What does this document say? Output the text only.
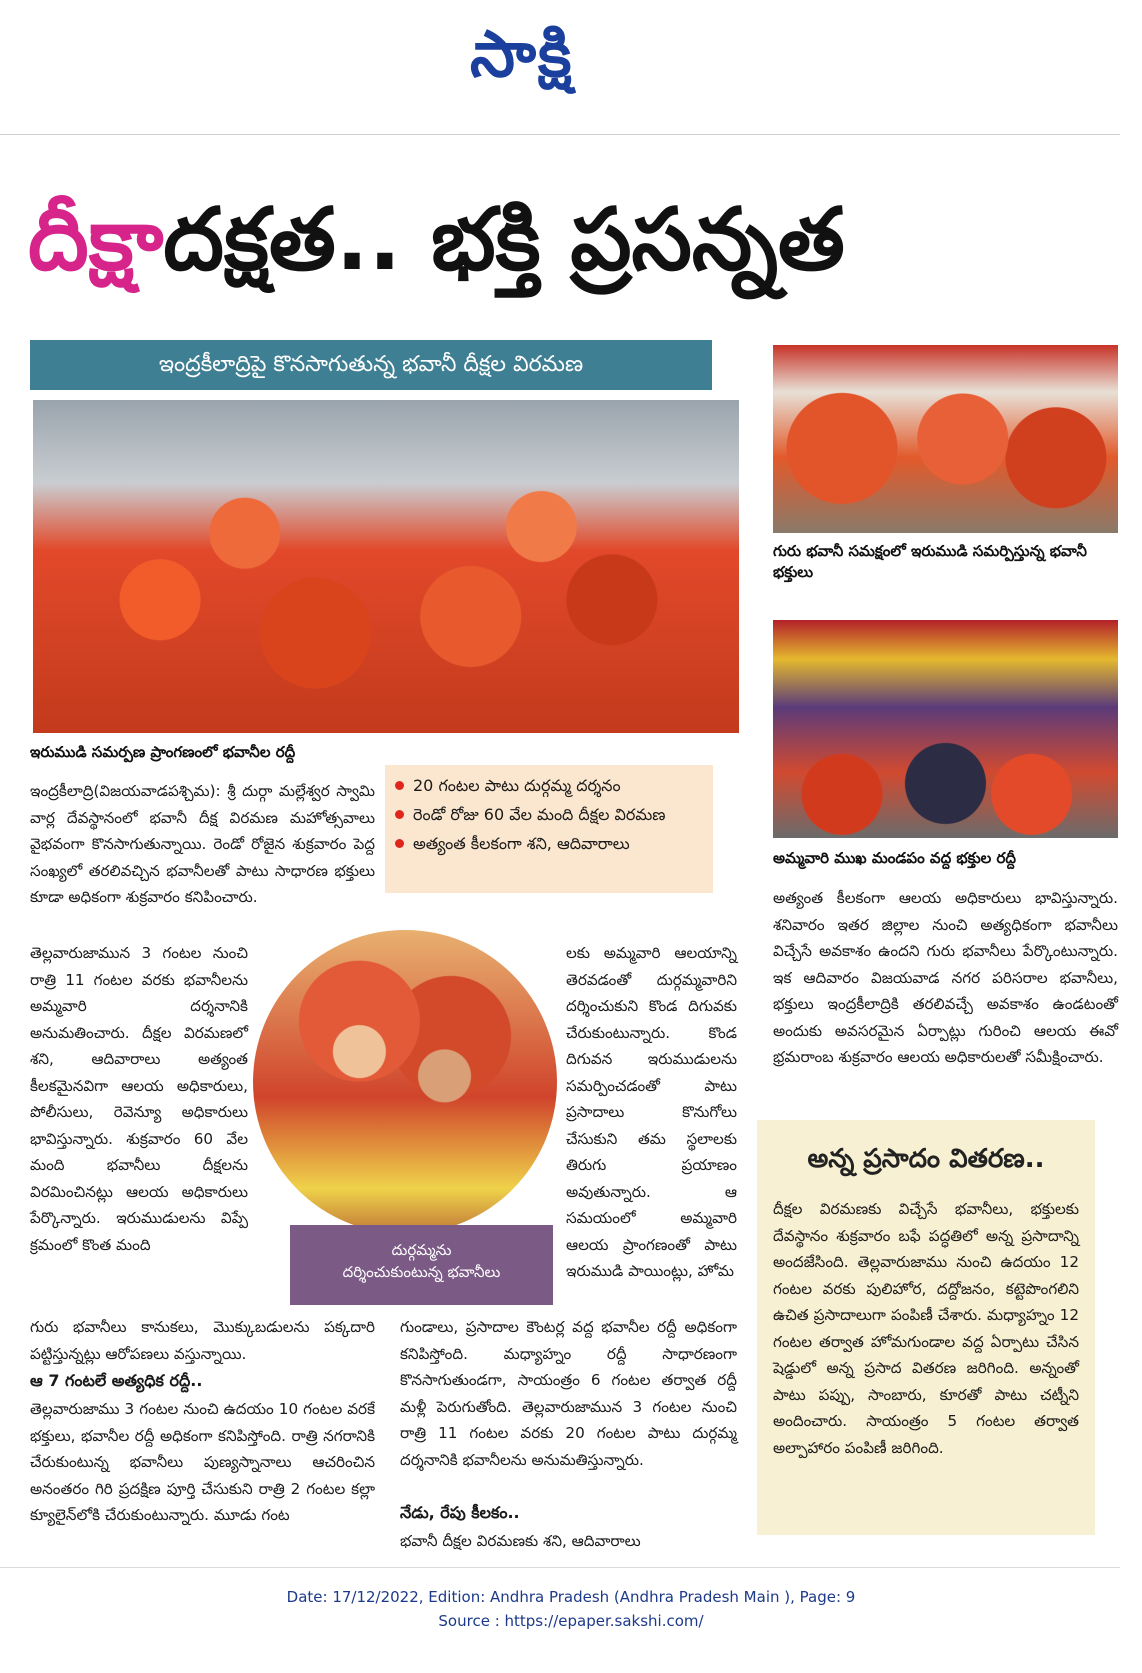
సాక్షి
దీక్షాదక్షత.. భక్తి ప్రసన్నత
ఇంద్రకీలాద్రిపై కొనసాగుతున్న భవానీ దీక్షల విరమణ
ఇరుముడి సమర్పణ ప్రాంగణంలో భవానీల రద్దీ
గురు భవానీ సమక్షంలో ఇరుముడి సమర్పిస్తున్న భవానీ భక్తులు
అమ్మవారి ముఖ మండపం వద్ద భక్తుల రద్దీ
20 గంటల పాటు దుర్గమ్మ దర్శనం
రెండో రోజు 60 వేల మంది దీక్షల విరమణ
అత్యంత కీలకంగా శని, ఆదివారాలు
ఇంద్రకీలాద్రి(విజయవాడపశ్చిమ): శ్రీ దుర్గా మల్లేశ్వర స్వామి వార్ల దేవస్థానంలో భవానీ దీక్ష విరమణ మహోత్సవాలు వైభవంగా కొనసాగుతున్నాయి. రెండో రోజైన శుక్రవారం పెద్ద సంఖ్యలో తరలివచ్చిన భవానీలతో పాటు సాధారణ భక్తులు కూడా అధికంగా శుక్రవారం కనిపించారు.
తెల్లవారుజామున 3 గంటల నుంచి రాత్రి 11 గంటల వరకు భవానీలను అమ్మవారి దర్శనానికి అనుమతించారు. దీక్షల విరమణలో శని, ఆదివారాలు అత్యంత కీలకమైనవిగా ఆలయ అధికారులు, పోలీసులు, రెవెన్యూ అధికారులు భావిస్తున్నారు. శుక్రవారం 60 వేల మంది భవానీలు దీక్షలను విరమించినట్లు ఆలయ అధికారులు పేర్కొన్నారు. ఇరుముడులను విప్పే క్రమంలో కొంత మంది
గురు భవానీలు కానుకలు, మొక్కుబడులను పక్కదారి పట్టిస్తున్నట్లు ఆరోపణలు వస్తున్నాయి.
ఆ 7 గంటలే అత్యధిక రద్దీ..
తెల్లవారుజాము 3 గంటల నుంచి ఉదయం 10 గంటల వరకే భక్తులు, భవానీల రద్దీ అధికంగా కనిపిస్తోంది. రాత్రి నగరానికి చేరుకుంటున్న భవానీలు పుణ్యస్నానాలు ఆచరించిన అనంతరం గిరి ప్రదక్షిణ పూర్తి చేసుకుని రాత్రి 2 గంటల కల్లా క్యూలైన్‌లోకి చేరుకుంటున్నారు. మూడు గంట
దుర్గమ్మను
దర్శించుకుంటున్న భవానీలు
లకు అమ్మవారి ఆలయాన్ని తెరవడంతో దుర్గమ్మవారిని దర్శించుకుని కొండ దిగువకు చేరుకుంటున్నారు. కొండ దిగువన ఇరుముడులను సమర్పించడంతో పాటు ప్రసాదాలు కొనుగోలు చేసుకుని తమ స్థలాలకు తిరుగు ప్రయాణం అవుతున్నారు. ఆ సమయంలో అమ్మవారి ఆలయ ప్రాంగణంతో పాటు ఇరుముడి పాయింట్లు, హోమ
గుండాలు, ప్రసాదాల కౌంటర్ల వద్ద భవానీల రద్దీ అధికంగా కనిపిస్తోంది. మధ్యాహ్నం రద్దీ సాధారణంగా కొనసాగుతుండగా, సాయంత్రం 6 గంటల తర్వాత రద్దీ మళ్లీ పెరుగుతోంది. తెల్లవారుజామున 3 గంటల నుంచి రాత్రి 11 గంటల వరకు 20 గంటల పాటు దుర్గమ్మ దర్శనానికి భవానీలను అనుమతిస్తున్నారు.
నేడు, రేపు కీలకం..
భవానీ దీక్షల విరమణకు శని, ఆదివారాలు
అత్యంత కీలకంగా ఆలయ అధికారులు భావిస్తున్నారు. శనివారం ఇతర జిల్లాల నుంచి అత్యధికంగా భవానీలు విచ్చేసే అవకాశం ఉందని గురు భవానీలు పేర్కొంటున్నారు. ఇక ఆదివారం విజయవాడ నగర పరిసరాల భవానీలు, భక్తులు ఇంద్రకీలాద్రికి తరలివచ్చే అవకాశం ఉండటంతో అందుకు అవసరమైన ఏర్పాట్లు గురించి ఆలయ ఈవో భ్రమరాంబ శుక్రవారం ఆలయ అధికారులతో సమీక్షించారు.
అన్న ప్రసాదం వితరణ..
దీక్షల విరమణకు విచ్చేసే భవానీలు, భక్తులకు దేవస్థానం శుక్రవారం బఫే పద్ధతిలో అన్న ప్రసాదాన్ని అందజేసింది. తెల్లవారుజాము నుంచి ఉదయం 12 గంటల వరకు పులిహోర, దద్దోజనం, కట్టెపొంగలిని ఉచిత ప్రసాదాలుగా పంపిణీ చేశారు. మధ్యాహ్నం 12 గంటల తర్వాత హోమగుండాల వద్ద ఏర్పాటు చేసిన షెడ్డులో అన్న ప్రసాద వితరణ జరిగింది. అన్నంతో పాటు పప్పు, సాంబారు, కూరతో పాటు చట్నీని అందించారు. సాయంత్రం 5 గంటల తర్వాత అల్పాహారం పంపిణీ జరిగింది.
Date: 17/12/2022, Edition: Andhra Pradesh (Andhra Pradesh Main ), Page: 9
Source : https://epaper.sakshi.com/
